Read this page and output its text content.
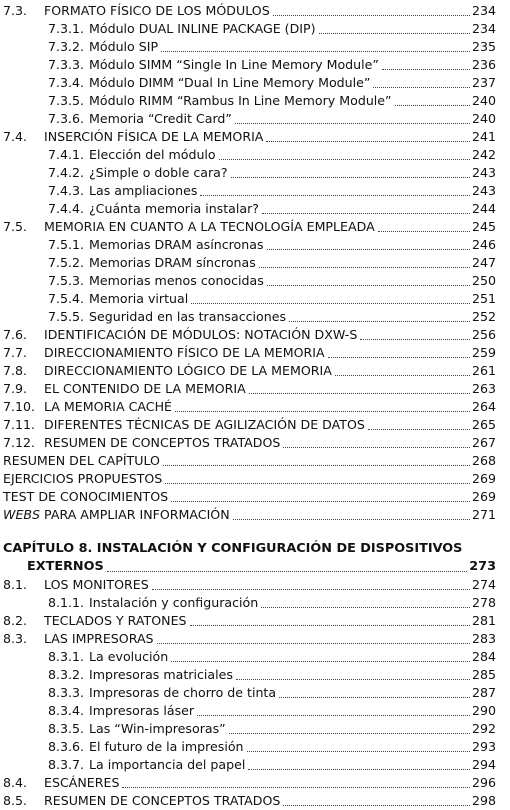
7.3. FORMATO FÍSICO DE LOS MÓDULOS	234
7.3.1. Módulo DUAL INLINE PACKAGE (DIP)	234
7.3.2. Módulo SIP	235
7.3.3. Módulo SIMM “Single In Line Memory Module”	236
7.3.4. Módulo DIMM “Dual In Line Memory Module”	237
7.3.5. Módulo RIMM “Rambus In Line Memory Module”	240
7.3.6. Memoria “Credit Card”	240
7.4. INSERCIÓN FÍSICA DE LA MEMORIA	241
7.4.1. Elección del módulo	242
7.4.2. ¿Simple o doble cara?	243
7.4.3. Las ampliaciones	243
7.4.4. ¿Cuánta memoria instalar?	244
7.5. MEMORIA EN CUANTO A LA TECNOLOGÍA EMPLEADA	245
7.5.1. Memorias DRAM asíncronas	246
7.5.2. Memorias DRAM síncronas	247
7.5.3. Memorias menos conocidas	250
7.5.4. Memoria virtual	251
7.5.5. Seguridad en las transacciones	252
7.6. IDENTIFICACIÓN DE MÓDULOS: NOTACIÓN DXW-S	256
7.7. DIRECCIONAMIENTO FÍSICO DE LA MEMORIA	259
7.8. DIRECCIONAMIENTO LÓGICO DE LA MEMORIA	261
7.9. EL CONTENIDO DE LA MEMORIA	263
7.10. LA MEMORIA CACHÉ	264
7.11. DIFERENTES TÉCNICAS DE AGILIZACIÓN DE DATOS	265
7.12. RESUMEN DE CONCEPTOS TRATADOS	267
RESUMEN DEL CAPÍTULO	268
EJERCICIOS PROPUESTOS	269
TEST DE CONOCIMIENTOS	269
WEBS PARA AMPLIAR INFORMACIÓN	271
CAPÍTULO 8. INSTALACIÓN Y CONFIGURACIÓN DE DISPOSITIVOS
EXTERNOS	273
8.1. LOS MONITORES	274
8.1.1. Instalación y configuración	278
8.2. TECLADOS Y RATONES	281
8.3. LAS IMPRESORAS	283
8.3.1. La evolución	284
8.3.2. Impresoras matriciales	285
8.3.3. Impresoras de chorro de tinta	287
8.3.4. Impresoras láser	290
8.3.5. Las “Win-impresoras”	292
8.3.6. El futuro de la impresión	293
8.3.7. La importancia del papel	294
8.4. ESCÁNERES	296
8.5. RESUMEN DE CONCEPTOS TRATADOS	298
